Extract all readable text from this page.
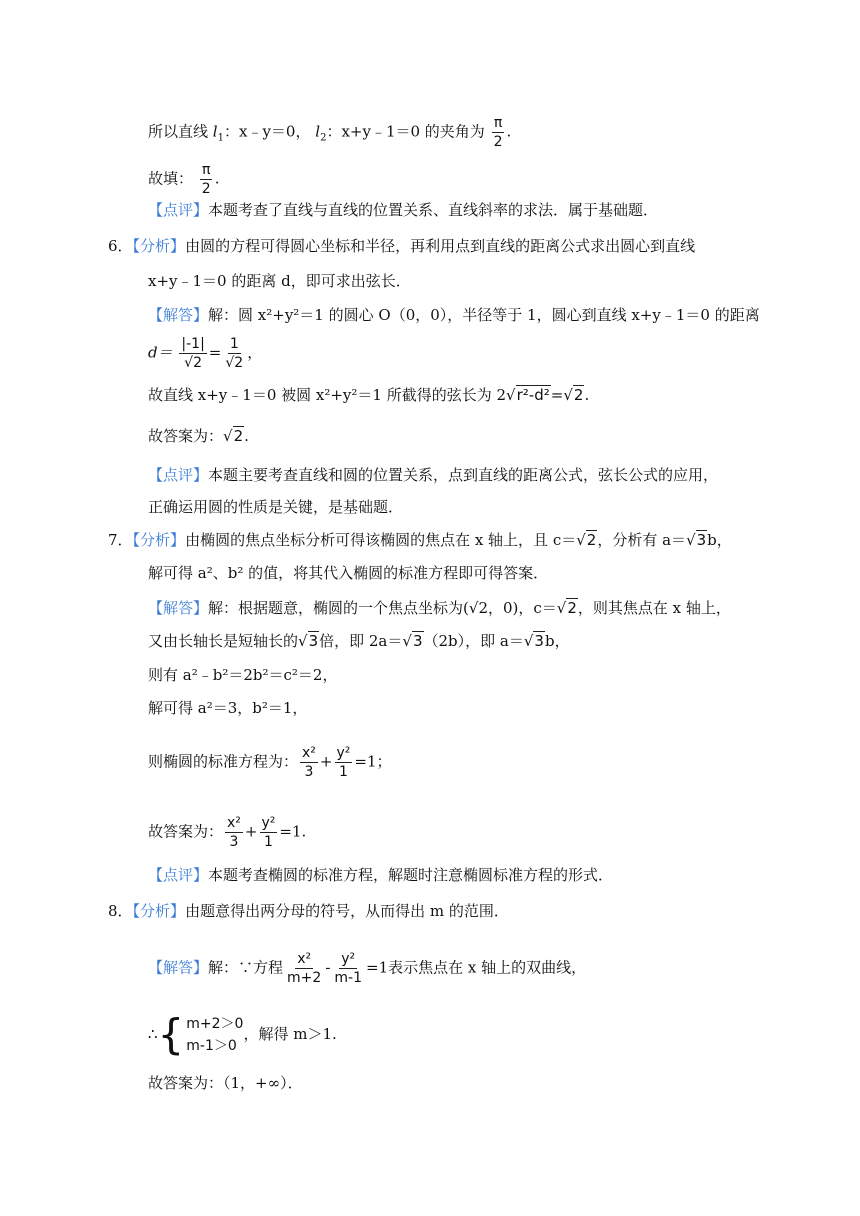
所以直线 $l_1$：x﹣y＝0， $l_2$：x+y﹣1＝0 的夹角为 $\frac{\pi}{2}$ .
故填： $\frac{\pi}{2}$ .
【点评】本题考查了直线与直线的位置关系、直线斜率的求法．属于基础题．
6．【分析】由圆的方程可得圆心坐标和半径，再利用点到直线的距离公式求出圆心到直线
x+y﹣1＝0 的距离 d，即可求出弦长．
【解答】解：圆 x²+y²＝1 的圆心 O（0，0），半径等于 1，圆心到直线 x+y﹣1＝0 的距离
$d= \frac{|-1|}{√2} = \frac{1}{√2}$ ，
故直线 x+y﹣1＝0 被圆 x²+y²＝1 所截得的弦长为 2√r²-d²=√2.
故答案为：√2.
【点评】本题主要考查直线和圆的位置关系，点到直线的距离公式，弦长公式的应用，
正确运用圆的性质是关键，是基础题．
7．【分析】由椭圆的焦点坐标分析可得该椭圆的焦点在 x 轴上，且 c＝√2，分析有 a＝√3b，
解可得 a²、b² 的值，将其代入椭圆的标准方程即可得答案．
【解答】解：根据题意，椭圆的一个焦点坐标为(√2，0)，c＝√2，则其焦点在 x 轴上，
又由长轴长是短轴长的√3倍，即 2a＝√3（2b），即 a＝√3b，
则有 a²﹣b²＝2b²＝c²＝2，
解可得 a²＝3，b²＝1，
则椭圆的标准方程为： $\frac{\text{x²}}{3} + \frac{\text{y²}}{1} =1$；
故答案为： $\frac{\text{x²}}{3} + \frac{\text{y²}}{1} =1$.
【点评】本题考查椭圆的标准方程，解题时注意椭圆标准方程的形式．
8．【分析】由题意得出两分母的符号，从而得出 m 的范围．
【解答】解：∵方程 $\frac{\text{x²}}{m+2} - \frac{\text{y²}}{m-1} =1$表示焦点在 x 轴上的双曲线，
∴ { m+2＞0
m-1＞0
，解得 m＞1.
故答案为：（1，+∞）．
